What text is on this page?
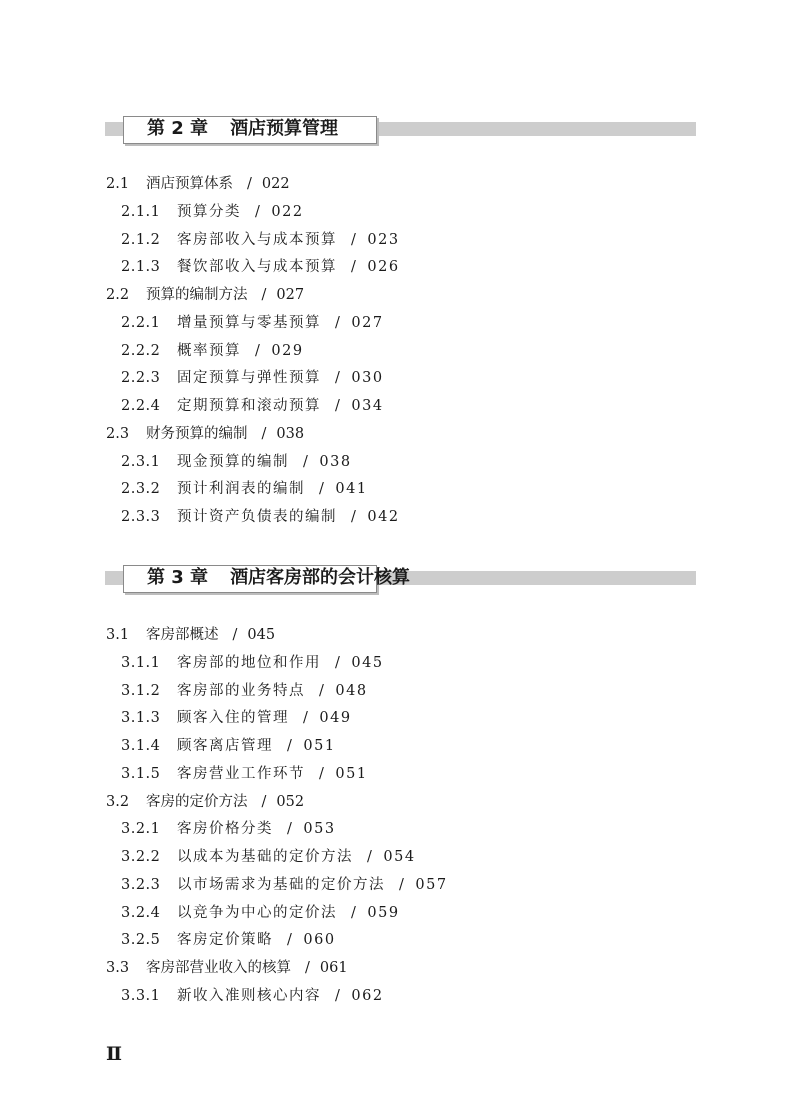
第 2 章 酒店预算管理
2.1 酒店预算体系 / 022
2.1.1 预算分类 / 022
2.1.2 客房部收入与成本预算 / 023
2.1.3 餐饮部收入与成本预算 / 026
2.2 预算的编制方法 / 027
2.2.1 增量预算与零基预算 / 027
2.2.2 概率预算 / 029
2.2.3 固定预算与弹性预算 / 030
2.2.4 定期预算和滚动预算 / 034
2.3 财务预算的编制 / 038
2.3.1 现金预算的编制 / 038
2.3.2 预计利润表的编制 / 041
2.3.3 预计资产负债表的编制 / 042
第 3 章 酒店客房部的会计核算
3.1 客房部概述 / 045
3.1.1 客房部的地位和作用 / 045
3.1.2 客房部的业务特点 / 048
3.1.3 顾客入住的管理 / 049
3.1.4 顾客离店管理 / 051
3.1.5 客房营业工作环节 / 051
3.2 客房的定价方法 / 052
3.2.1 客房价格分类 / 053
3.2.2 以成本为基础的定价方法 / 054
3.2.3 以市场需求为基础的定价方法 / 057
3.2.4 以竞争为中心的定价法 / 059
3.2.5 客房定价策略 / 060
3.3 客房部营业收入的核算 / 061
3.3.1 新收入准则核心内容 / 062
Ⅱ
